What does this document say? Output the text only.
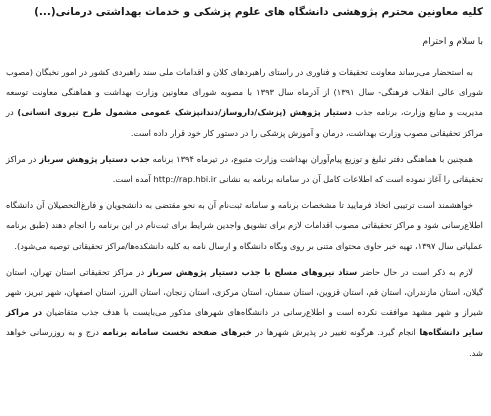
کلیه معاونین محترم پژوهشی دانشگاه های علوم پزشکی و خدمات بهداشتی درمانی(...)
با سلام و احترام

به استحضار می‌رساند معاونت تحقیقات و فناوری در راستای راهبردهای کلان و اقدامات ملی سند راهبردی کشور در امور نخبگان (مصوب شورای عالی انقلاب فرهنگی- سال ۱۳۹۱) از آذرماه سال ۱۳۹۳ با مصوبه شورای معاونین وزارت بهداشت و هماهنگی معاونت توسعه مدیریت و منابع وزارت، برنامه جذب دستیار پژوهش (پزشک/داروساز/دندانپزشک عمومی مشمول طرح نیروی انسانی) در مراکز تحقیقاتی مصوب وزارت بهداشت، درمان و آموزش پزشکی را در دستور کار خود قرار داده است.

همچنین با هماهنگی دفتر تبلیغ و توزیع پیام‌آوران بهداشت وزارت متبوع، در تیرماه ۱۳۹۴ برنامه جذب دستیار پژوهش سرباز در مراکز تحقیقاتی را آغاز نموده است که اطلاعات کامل آن در سامانه برنامه به نشانی http://rap.hbi.ir آمده است.

خواهشمند است ترتیبی اتخاذ فرمایید تا مشخصات برنامه و سامانه ثبت‌نام آن به نحو مقتضی به دانشجویان و فارغ‌التحصیلان آن دانشگاه اطلاع‌رسانی شود و مراکز تحقیقاتی مصوب اقدامات لازم برای تشویق واجدین شرایط برای ثبت‌نام در این برنامه را انجام دهند (طبق برنامه عملیاتی سال ۱۳۹۷، تهیه خبر حاوی محتوای متنی بر روی وبگاه دانشگاه و ارسال نامه به کلیه دانشکده‌ها/مراکز تحقیقاتی توصیه می‌شود).

لازم به ذکر است در حال حاضر ستاد نیروهای مسلح با جذب دستیار پژوهش سرباز در مراکز تحقیقاتی استان تهران، استان گیلان، استان مازندران، استان قم، استان قزوین، استان سمنان، استان مرکزی، استان زنجان، استان البرز، استان اصفهان، شهر تبریز، شهر شیراز و شهر مشهد موافقت نکرده است و اطلاع‌رسانی در دانشگاه‌های شهرهای مذکور می‌بایست با هدف جذب متقاضیان در مراکز سایر دانشگاه‌ها انجام گیرد. هرگونه تغییر در پذیرش شهرها در خبرهای صفحه نخست سامانه برنامه درج و به روزرسانی خواهد شد.
